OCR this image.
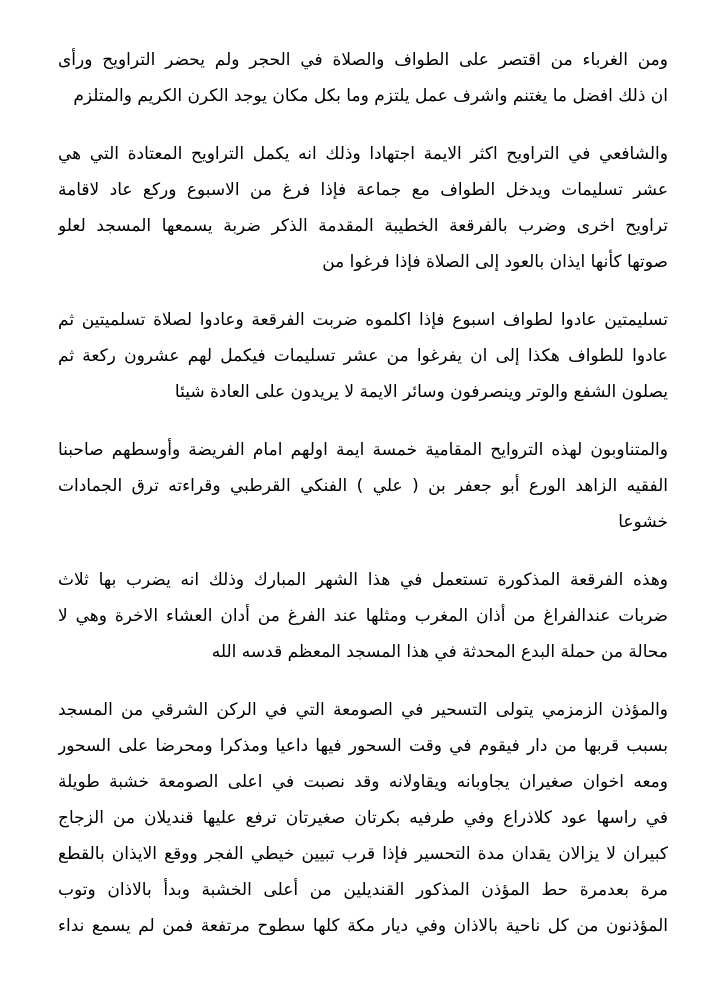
ومن الغرباء من اقتصر على الطواف والصلاة في الحجر ولم يحضر التراويح ورأى
ان ذلك افضل ما يغتنم واشرف عمل يلتزم وما بكل مكان يوجد الكرن الكريم والمتلزم
والشافعي في التراويح اكثر الايمة اجتهادا وذلك انه يكمل التراويح المعتادة التي هي
عشر تسليمات ويدخل الطواف مع جماعة فإذا فرغ من الاسبوع وركع عاد لاقامة
تراويح اخرى وضرب بالفرقعة الخطيبة المقدمة الذكر ضربة يسمعها المسجد لعلو
صوتها كأنها ايذان بالعود إلى الصلاة فإذا فرغوا من
تسليمتين عادوا لطواف اسبوع فإذا اكلموه ضربت الفرقعة وعادوا لصلاة تسلميتين ثم
عادوا للطواف هكذا إلى ان يفرغوا من عشر تسليمات فيكمل لهم عشرون ركعة ثم
يصلون الشفع والوتر وينصرفون وسائر الايمة لا يريدون على العادة شيئا
والمتناوبون لهذه التروايح المقامية خمسة ايمة اولهم امام الفريضة وأوسطهم صاحبنا
الفقيه الزاهد الورع أبو جعفر بن ( علي ) الفنكي القرطبي وقراءته ترق الجمادات
خشوعا
وهذه الفرقعة المذكورة تستعمل في هذا الشهر المبارك وذلك انه يضرب بها ثلاث
ضربات عندالفراغ من أذان المغرب ومثلها عند الفرغ من أدان العشاء الاخرة وهي لا
محالة من حملة البدع المحدثة في هذا المسجد المعظم قدسه الله
والمؤذن الزمزمي يتولى التسحير في الصومعة التي في الركن الشرقي من المسجد
بسبب قربها من دار فيقوم في وقت السحور فيها داعيا ومذكرا ومحرضا على السحور
ومعه اخوان صغيران يجاوبانه ويقاولانه وقد نصبت في اعلى الصومعة خشبة طويلة
في راسها عود كلاذراع وفي طرفيه بكرتان صغيرتان ترفع عليها قنديلان من الزجاج
كبيران لا يزالان يقدان مدة التحسير فإذا قرب تبيين خيطي الفجر ووقع الايذان بالقطع
مرة بعدمرة حط المؤذن المذكور القنديلين من أعلى الخشبة وبدأ بالاذان وتوب
المؤذنون من كل ناحية بالاذان وفي ديار مكة كلها سطوح مرتفعة فمن لم يسمع نداء
